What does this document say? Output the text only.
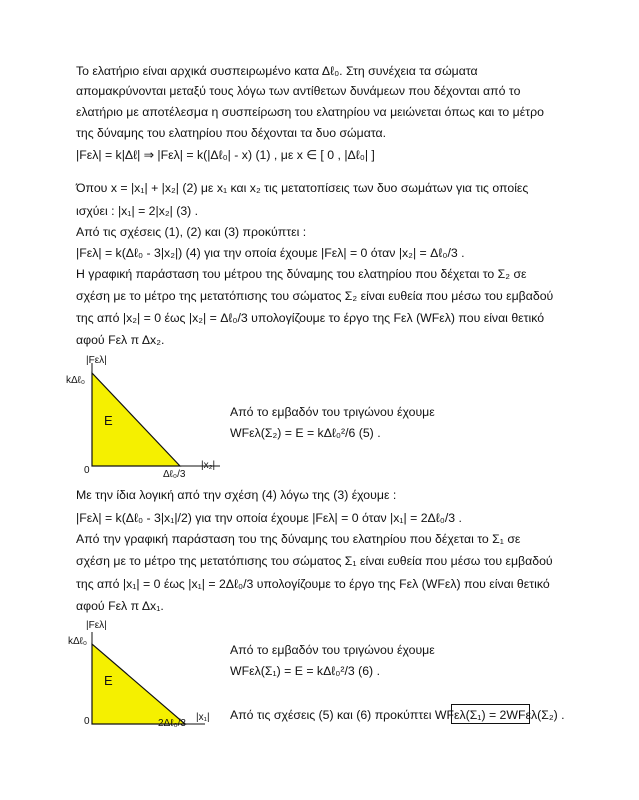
Το ελατήριο είναι αρχικά συσπειρωμένο κατα Δℓ₀. Στη συνέχεια τα σώματα
απομακρύνονται μεταξύ τους λόγω των αντίθετων δυνάμεων που δέχονται από το
ελατήριο με αποτέλεσμα η συσπείρωση του ελατηρίου να μειώνεται όπως και το μέτρο
της δύναμης του ελατηρίου που δέχονται τα δυο σώματα.
|Fελ| = k|Δℓ| ⇒ |Fελ| = k(|Δℓ₀| - x) (1) , με x ∈ [ 0 , |Δℓ₀| ]
Όπου x = |x₁| + |x₂| (2) με x₁ και x₂ τις μετατοπίσεις των δυο σωμάτων για τις οποίες
ισχύει : |x₁| = 2|x₂| (3) .
Από τις σχέσεις (1), (2) και (3) προκύπτει :
|Fελ| = k(Δℓ₀ - 3|x₂|) (4) για την οποία έχουμε |Fελ| = 0 όταν |x₂| = Δℓ₀/3 .
Η γραφική παράσταση του μέτρου της δύναμης του ελατηρίου που δέχεται το Σ₂ σε
σχέση με το μέτρο της μετατόπισης του σώματος Σ₂ είναι ευθεία που μέσω του εμβαδού
της από |x₂| = 0 έως |x₂| = Δℓ₀/3 υπολογίζουμε το έργο της Fελ (WFελ) που είναι θετικό
αφού Fελ π Δx₂.
|Fελ|
kΔℓ₀
0	Δℓ₀/3
|x₂|
E
Από το εμβαδόν του τριγώνου έχουμε
WFελ(Σ₂) = E = kΔℓ₀²/6 (5) .
Με την ίδια λογική από την σχέση (4) λόγω της (3) έχουμε :
|Fελ| = k(Δℓ₀ - 3|x₁|/2) για την οποία έχουμε |Fελ| = 0 όταν |x₁| = 2Δℓ₀/3 .
Από την γραφική παράσταση του της δύναμης του ελατηρίου που δέχεται το Σ₁ σε
σχέση με το μέτρο της μετατόπισης του σώματος Σ₁ είναι ευθεία που μέσω του εμβαδού
της από |x₁| = 0 έως |x₁| = 2Δℓ₀/3 υπολογίζουμε το έργο της Fελ (WFελ) που είναι θετικό
αφού Fελ π Δx₁.
|Fελ|
kΔℓ₀
0	2Δℓ₀/3
|x₁|
E
Από το εμβαδόν του τριγώνου έχουμε
WFελ(Σ₁) = E = kΔℓ₀²/3 (6) .
Από τις σχέσεις (5) και (6) προκύπτει WFελ(Σ₁) = 2WFελ(Σ₂) .
